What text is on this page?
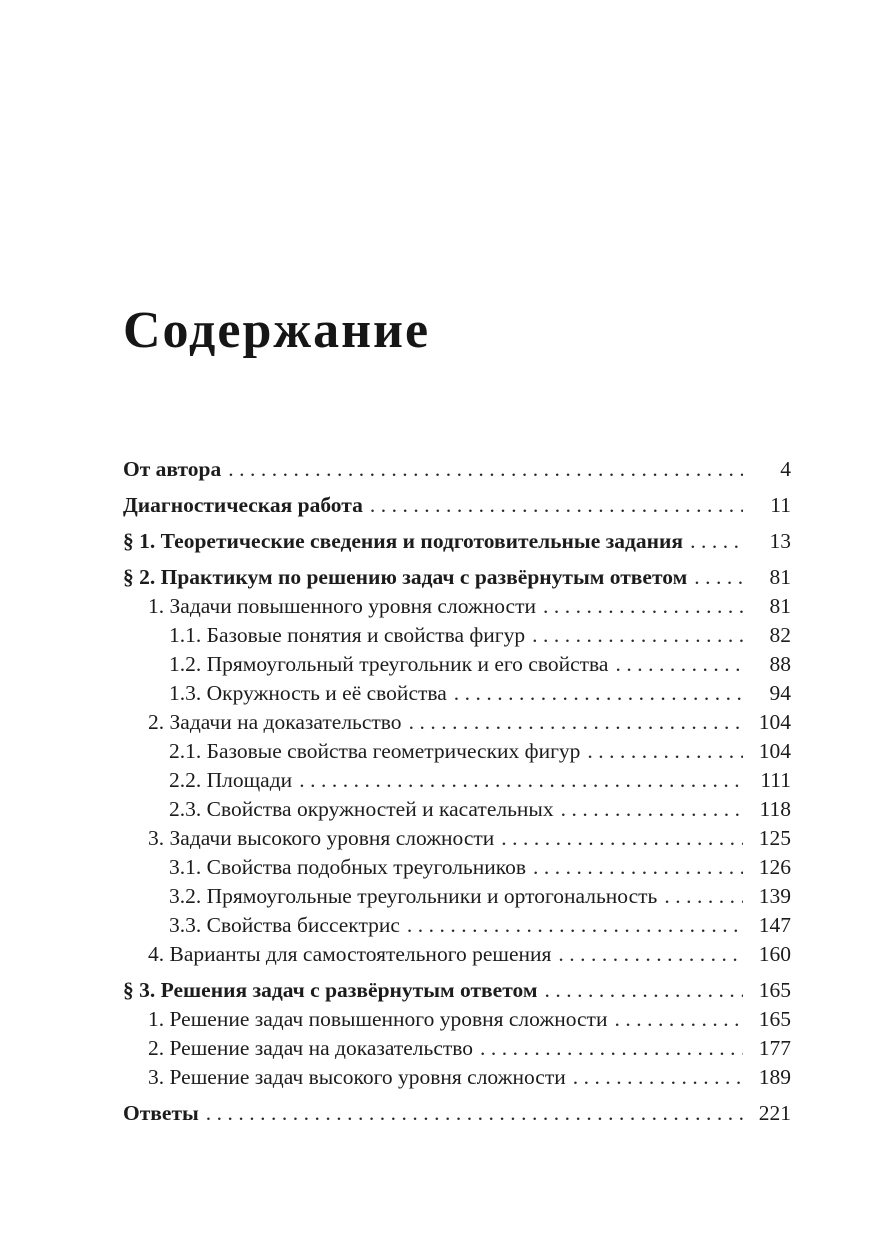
Содержание
От автора .....	4
Диагностическая работа .....	11
§ 1. Теоретические сведения и подготовительные задания .....	13
§ 2. Практикум по решению задач с развёрнутым ответом .....	81
1. Задачи повышенного уровня сложности .....	81
1.1. Базовые понятия и свойства фигур .....	82
1.2. Прямоугольный треугольник и его свойства .....	88
1.3. Окружность и её свойства .....	94
2. Задачи на доказательство .....	104
2.1. Базовые свойства геометрических фигур .....	104
2.2. Площади .....	111
2.3. Свойства окружностей и касательных .....	118
3. Задачи высокого уровня сложности .....	125
3.1. Свойства подобных треугольников .....	126
3.2. Прямоугольные треугольники и ортогональность .....	139
3.3. Свойства биссектрис .....	147
4. Варианты для самостоятельного решения .....	160
§ 3. Решения задач с развёрнутым ответом .....	165
1. Решение задач повышенного уровня сложности .....	165
2. Решение задач на доказательство .....	177
3. Решение задач высокого уровня сложности .....	189
Ответы .....	221
